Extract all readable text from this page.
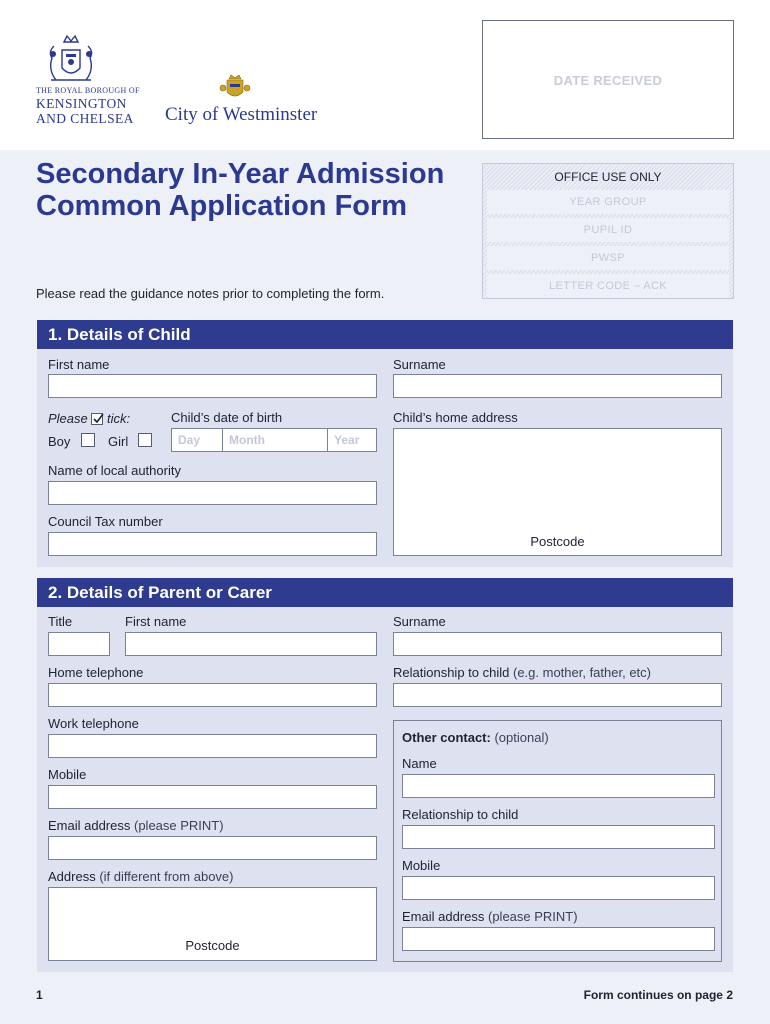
THE ROYAL BOROUGH OF
KENSINGTON
AND CHELSEA City of Westminster
DATE RECEIVED
Secondary In-Year Admission
Common Application Form
OFFICE USE ONLY
YEAR GROUP
PUPIL ID
PWSP
LETTER CODE – ACK
Please read the guidance notes prior to completing the form.
1. Details of Child
First name	Surname
Please tick:	Child’s date of birth	Child’s home address
Boy	Girl	Day	Month	Year
Postcode
Name of local authority
Council Tax number
2. Details of Parent or Carer
Title	First name	Surname
Home telephone	Relationship to child (e.g. mother, father, etc)
Work telephone
Mobile
Email address (please PRINT)
Address (if different from above)
Postcode
Other contact: (optional)
Name
Relationship to child
Mobile
Email address (please PRINT)
1	Form continues on page 2
